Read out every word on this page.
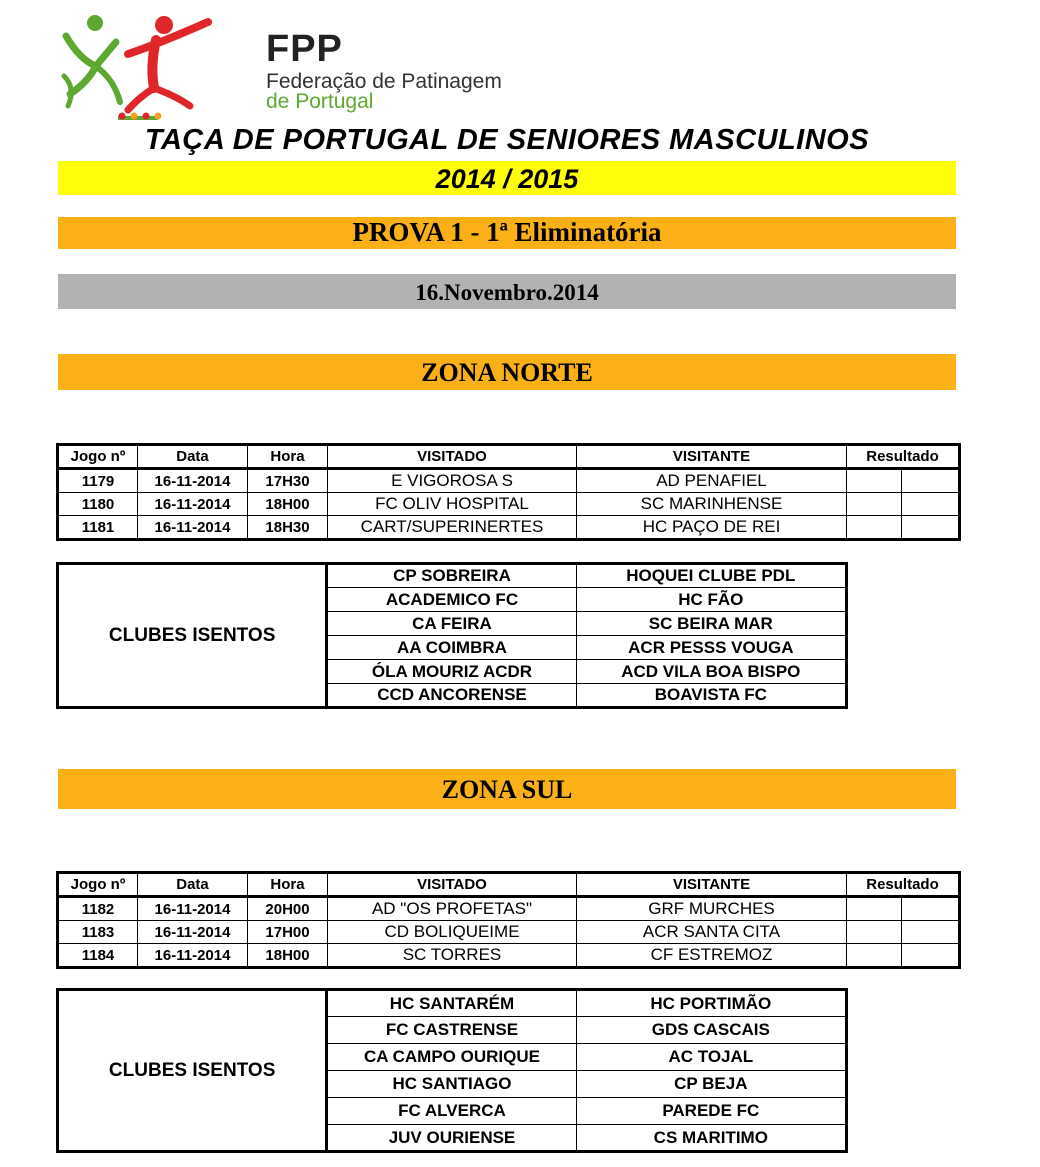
FPP
Federação de Patinagem
de Portugal
TAÇA DE PORTUGAL DE SENIORES MASCULINOS
2014 / 2015
PROVA 1 - 1ª Eliminatória
16.Novembro.2014
ZONA NORTE
Jogo nº	Data	Hora	VISITADO	VISITANTE	Resultado	
1179	16-11-2014	17H30	E VIGOROSA S	AD PENAFIEL		
1180	16-11-2014	18H00	FC OLIV HOSPITAL	SC MARINHENSE		
1181	16-11-2014	18H30	CART/SUPERINERTES	HC PAÇO DE REI		
CLUBES ISENTOS	CP SOBREIRA	HOQUEI CLUBE PDL
	ACADEMICO FC	HC FÃO
	CA FEIRA	SC BEIRA MAR
	AA COIMBRA	ACR PESSS VOUGA
	ÓLA MOURIZ ACDR	ACD VILA BOA BISPO
	CCD ANCORENSE	BOAVISTA FC
ZONA SUL
Jogo nº	Data	Hora	VISITADO	VISITANTE	Resultado	
1182	16-11-2014	20H00	AD "OS PROFETAS"	GRF MURCHES		
1183	16-11-2014	17H00	CD BOLIQUEIME	ACR SANTA CITA		
1184	16-11-2014	18H00	SC TORRES	CF ESTREMOZ		
CLUBES ISENTOS	HC SANTARÉM	HC PORTIMÃO
	FC CASTRENSE	GDS CASCAIS
	CA CAMPO OURIQUE	AC TOJAL
	HC SANTIAGO	CP BEJA
	FC ALVERCA	PAREDE FC
	JUV OURIENSE	CS MARITIMO
